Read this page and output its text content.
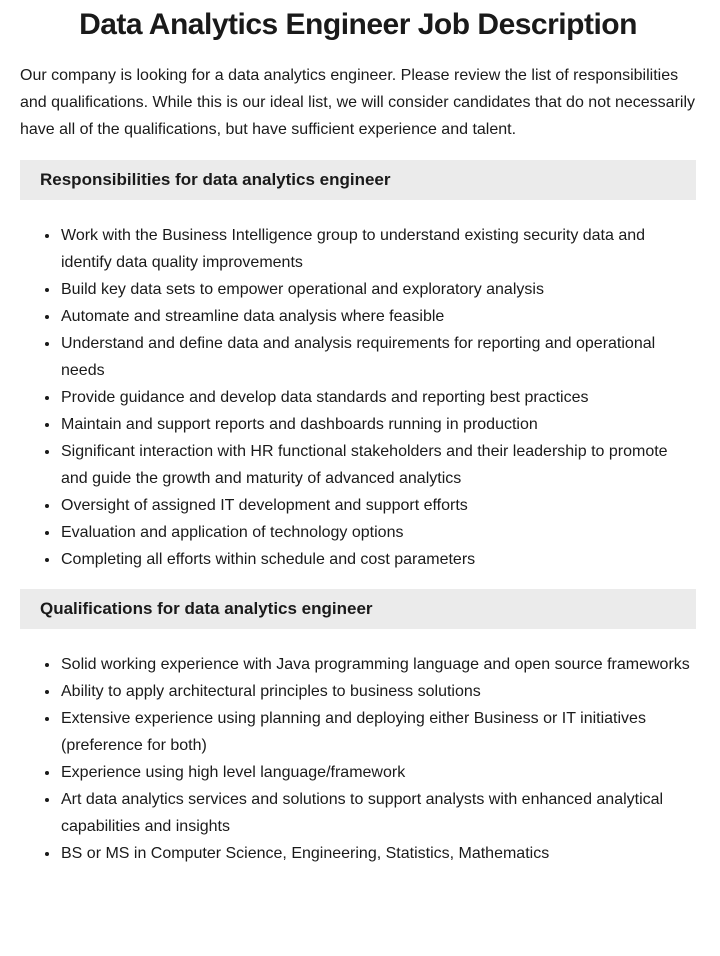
Data Analytics Engineer Job Description

Our company is looking for a data analytics engineer. Please review the list of responsibilities and qualifications. While this is our ideal list, we will consider candidates that do not necessarily have all of the qualifications, but have sufficient experience and talent.

Responsibilities for data analytics engineer
• Work with the Business Intelligence group to understand existing security data and identify data quality improvements
• Build key data sets to empower operational and exploratory analysis
• Automate and streamline data analysis where feasible
• Understand and define data and analysis requirements for reporting and operational needs
• Provide guidance and develop data standards and reporting best practices
• Maintain and support reports and dashboards running in production
• Significant interaction with HR functional stakeholders and their leadership to promote and guide the growth and maturity of advanced analytics
• Oversight of assigned IT development and support efforts
• Evaluation and application of technology options
• Completing all efforts within schedule and cost parameters
Qualifications for data analytics engineer
• Solid working experience with Java programming language and open source frameworks
• Ability to apply architectural principles to business solutions
• Extensive experience using planning and deploying either Business or IT initiatives (preference for both)
• Experience using high level language/framework
• Art data analytics services and solutions to support analysts with enhanced analytical capabilities and insights
• BS or MS in Computer Science, Engineering, Statistics, Mathematics
